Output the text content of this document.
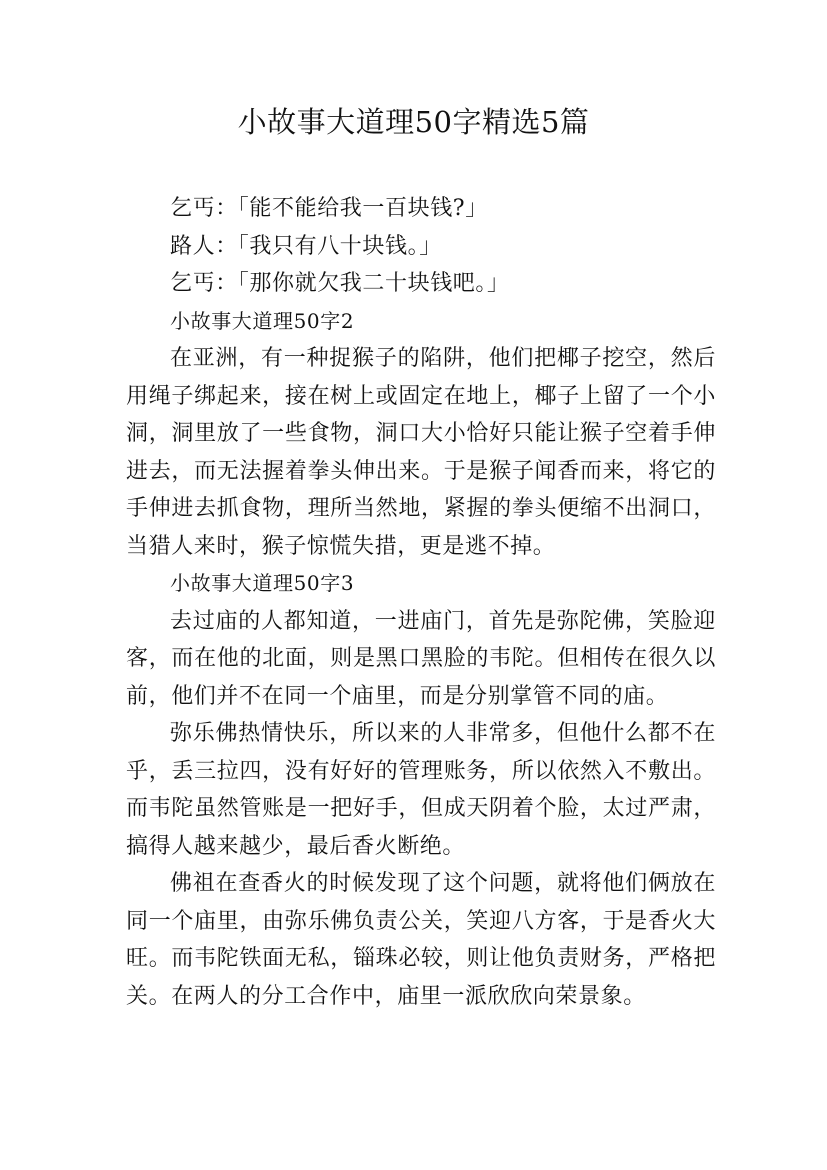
小故事大道理50字精选5篇

乞丐：「能不能给我一百块钱?」

路人：「我只有八十块钱。」

乞丐：「那你就欠我二十块钱吧。」

小故事大道理50字2

在亚洲，有一种捉猴子的陷阱，他们把椰子挖空，然后用绳子绑起来，接在树上或固定在地上，椰子上留了一个小洞，洞里放了一些食物，洞口大小恰好只能让猴子空着手伸进去，而无法握着拳头伸出来。于是猴子闻香而来，将它的手伸进去抓食物，理所当然地，紧握的拳头便缩不出洞口，当猎人来时，猴子惊慌失措，更是逃不掉。

小故事大道理50字3

去过庙的人都知道，一进庙门，首先是弥陀佛，笑脸迎客，而在他的北面，则是黑口黑脸的韦陀。但相传在很久以前，他们并不在同一个庙里，而是分别掌管不同的庙。

弥乐佛热情快乐，所以来的人非常多，但他什么都不在乎，丢三拉四，没有好好的管理账务，所以依然入不敷出。而韦陀虽然管账是一把好手，但成天阴着个脸，太过严肃，搞得人越来越少，最后香火断绝。

佛祖在查香火的时候发现了这个问题，就将他们俩放在同一个庙里，由弥乐佛负责公关，笑迎八方客，于是香火大旺。而韦陀铁面无私，锱珠必较，则让他负责财务，严格把关。在两人的分工合作中，庙里一派欣欣向荣景象。
